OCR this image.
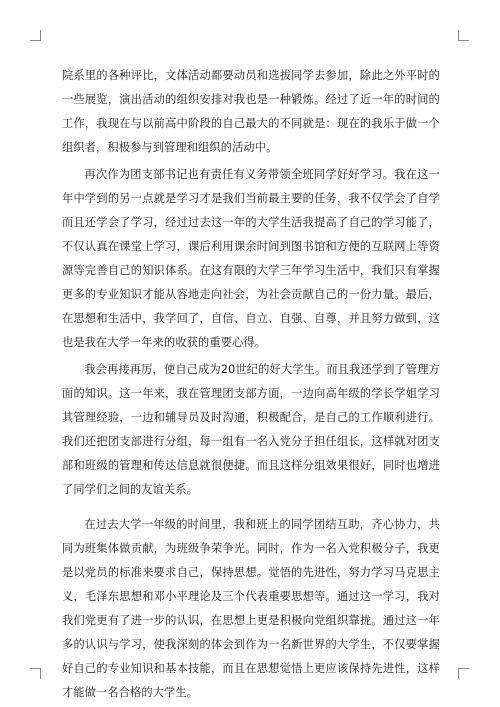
院系里的各种评比，文体活动都要动员和选拔同学去参加，除此之外平时的一些展览，演出活动的组织安排对我也是一种锻炼。经过了近一年的时间的工作，我现在与以前高中阶段的自己最大的不同就是：现在的我乐于做一个组织者，积极参与到管理和组织的活动中。

再次作为团支部书记也有责任有义务带领全班同学好好学习。我在这一年中学到的另一点就是学习才是我们当前最主要的任务，我不仅学会了自学而且还学会了学习，经过过去这一年的大学生活我提高了自己的学习能了，不仅认真在课堂上学习，课后利用课余时间到图书馆和方便的互联网上等资源等完善自己的知识体系。在这有限的大学三年学习生活中，我们只有掌握更多的专业知识才能从容地走向社会，为社会贡献自己的一份力量。最后，在思想和生活中，我学回了，自信、自立、自强、自尊，并且努力做到，这也是我在大学一年来的收获的重要心得。

我会再接再厉，使自己成为20世纪的好大学生。而且我还学到了管理方面的知识。这一年来，我在管理团支部方面，一边向高年级的学长学姐学习其管理经验，一边和辅导员及时沟通，积极配合，是自己的工作顺利进行。我们还把团支部进行分组，每一组有一名入党分子担任组长，这样就对团支部和班级的管理和传达信息就很便捷。而且这样分组效果很好，同时也增进了同学们之间的友谊关系。

在过去大学一年级的时间里，我和班上的同学团结互助，齐心协力，共同为班集体做贡献，为班级争荣争光。同时，作为一名入党积极分子，我更是以党员的标准来要求自己，保持思想。觉悟的先进性，努力学习马克思主义，毛泽东思想和邓小平理论及三个代表重要思想等。通过这一学习，我对我们党更有了进一步的认识，在思想上更是积极向党组织靠拢。通过这一年多的认识与学习，使我深刻的体会到作为一名新世界的大学生，不仅要掌握好自己的专业知识和基本技能，而且在思想觉悟上更应该保持先进性，这样才能做一名合格的大学生。
